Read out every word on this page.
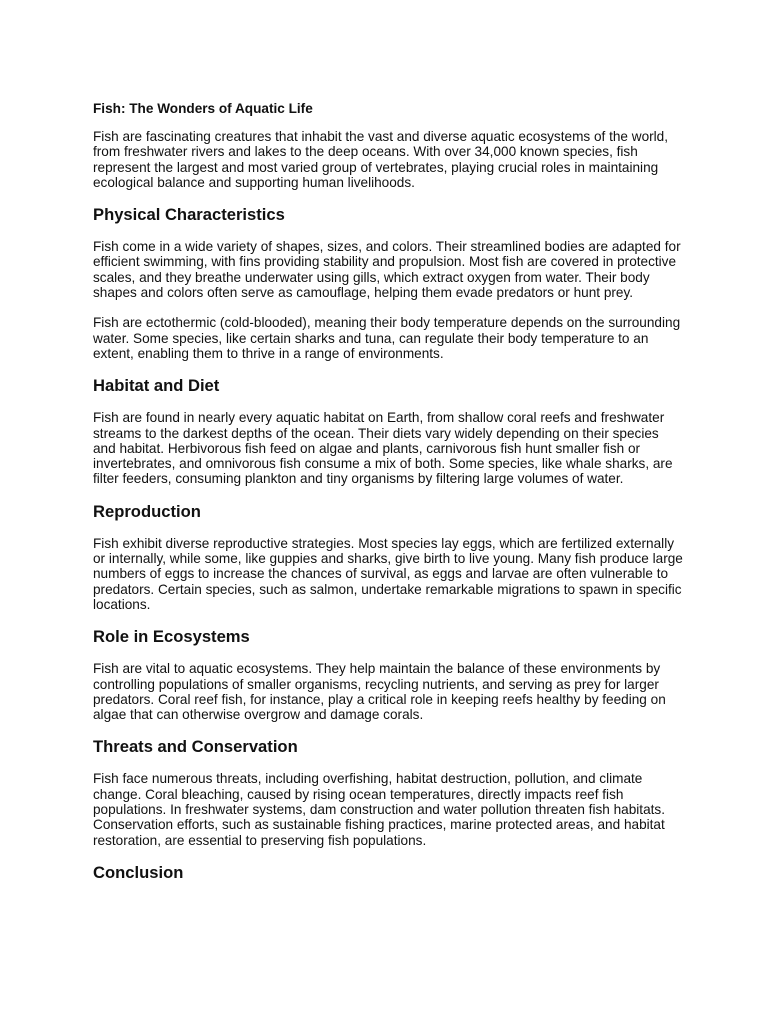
Fish: The Wonders of Aquatic Life

Fish are fascinating creatures that inhabit the vast and diverse aquatic ecosystems of the world, from freshwater rivers and lakes to the deep oceans. With over 34,000 known species, fish represent the largest and most varied group of vertebrates, playing crucial roles in maintaining ecological balance and supporting human livelihoods.

Physical Characteristics

Fish come in a wide variety of shapes, sizes, and colors. Their streamlined bodies are adapted for efficient swimming, with fins providing stability and propulsion. Most fish are covered in protective scales, and they breathe underwater using gills, which extract oxygen from water. Their body shapes and colors often serve as camouflage, helping them evade predators or hunt prey.

Fish are ectothermic (cold-blooded), meaning their body temperature depends on the surrounding water. Some species, like certain sharks and tuna, can regulate their body temperature to an extent, enabling them to thrive in a range of environments.

Habitat and Diet

Fish are found in nearly every aquatic habitat on Earth, from shallow coral reefs and freshwater streams to the darkest depths of the ocean. Their diets vary widely depending on their species and habitat. Herbivorous fish feed on algae and plants, carnivorous fish hunt smaller fish or invertebrates, and omnivorous fish consume a mix of both. Some species, like whale sharks, are filter feeders, consuming plankton and tiny organisms by filtering large volumes of water.

Reproduction

Fish exhibit diverse reproductive strategies. Most species lay eggs, which are fertilized externally or internally, while some, like guppies and sharks, give birth to live young. Many fish produce large numbers of eggs to increase the chances of survival, as eggs and larvae are often vulnerable to predators. Certain species, such as salmon, undertake remarkable migrations to spawn in specific locations.

Role in Ecosystems

Fish are vital to aquatic ecosystems. They help maintain the balance of these environments by controlling populations of smaller organisms, recycling nutrients, and serving as prey for larger predators. Coral reef fish, for instance, play a critical role in keeping reefs healthy by feeding on algae that can otherwise overgrow and damage corals.

Threats and Conservation

Fish face numerous threats, including overfishing, habitat destruction, pollution, and climate change. Coral bleaching, caused by rising ocean temperatures, directly impacts reef fish populations. In freshwater systems, dam construction and water pollution threaten fish habitats. Conservation efforts, such as sustainable fishing practices, marine protected areas, and habitat restoration, are essential to preserving fish populations.

Conclusion
